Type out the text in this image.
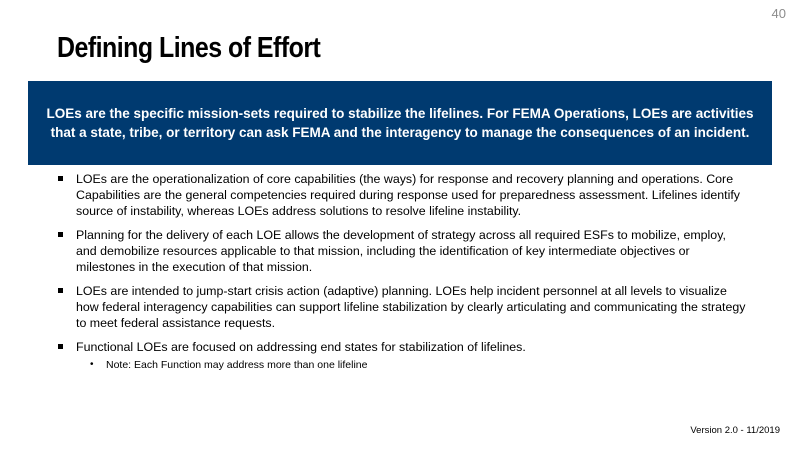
40
Defining Lines of Effort
LOEs are the specific mission-sets required to stabilize the lifelines. For FEMA Operations, LOEs are activities that a state, tribe, or territory can ask FEMA and the interagency to manage the consequences of an incident.
LOEs are the operationalization of core capabilities (the ways) for response and recovery planning and operations. Core Capabilities are the general competencies required during response used for preparedness assessment. Lifelines identify source of instability, whereas LOEs address solutions to resolve lifeline instability.
Planning for the delivery of each LOE allows the development of strategy across all required ESFs to mobilize, employ, and demobilize resources applicable to that mission, including the identification of key intermediate objectives or milestones in the execution of that mission.
LOEs are intended to jump-start crisis action (adaptive) planning. LOEs help incident personnel at all levels to visualize how federal interagency capabilities can support lifeline stabilization by clearly articulating and communicating the strategy to meet federal assistance requests.
Functional LOEs are focused on addressing end states for stabilization of lifelines.
• Note: Each Function may address more than one lifeline
Version 2.0 - 11/2019
